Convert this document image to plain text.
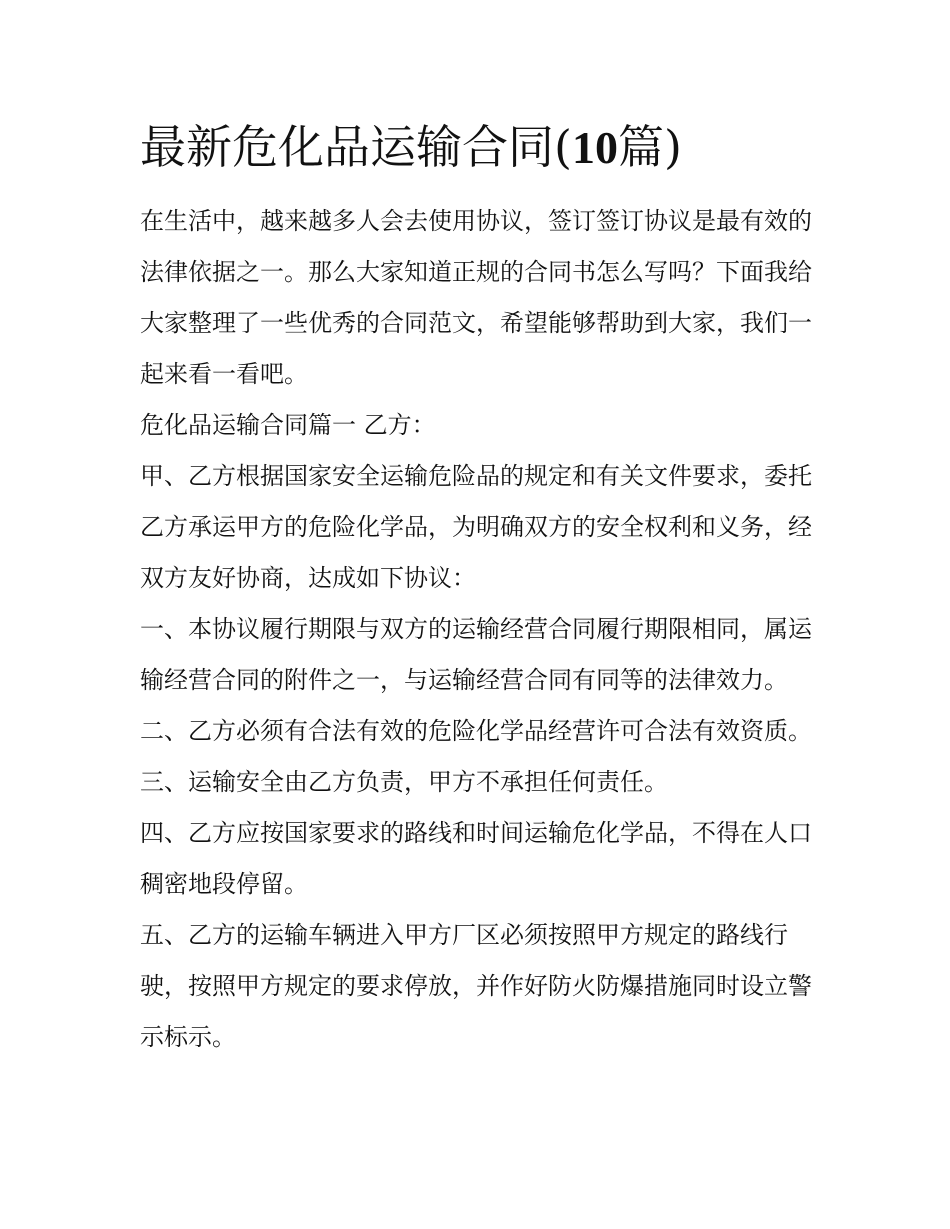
最新危化品运输合同(10篇)

在生活中，越来越多人会去使用协议，签订签订协议是最有效的法律依据之一。那么大家知道正规的合同书怎么写吗？下面我给大家整理了一些优秀的合同范文，希望能够帮助到大家，我们一起来看一看吧。

危化品运输合同篇一 乙方：

甲、乙方根据国家安全运输危险品的规定和有关文件要求，委托乙方承运甲方的危险化学品，为明确双方的安全权利和义务，经双方友好协商，达成如下协议：

一、本协议履行期限与双方的运输经营合同履行期限相同，属运输经营合同的附件之一，与运输经营合同有同等的法律效力。

二、乙方必须有合法有效的危险化学品经营许可合法有效资质。 三、运输安全由乙方负责，甲方不承担任何责任。

四、乙方应按国家要求的路线和时间运输危化学品，不得在人口稠密地段停留。

五、乙方的运输车辆进入甲方厂区必须按照甲方规定的路线行驶，按照甲方规定的要求停放，并作好防火防爆措施同时设立警示标示。
